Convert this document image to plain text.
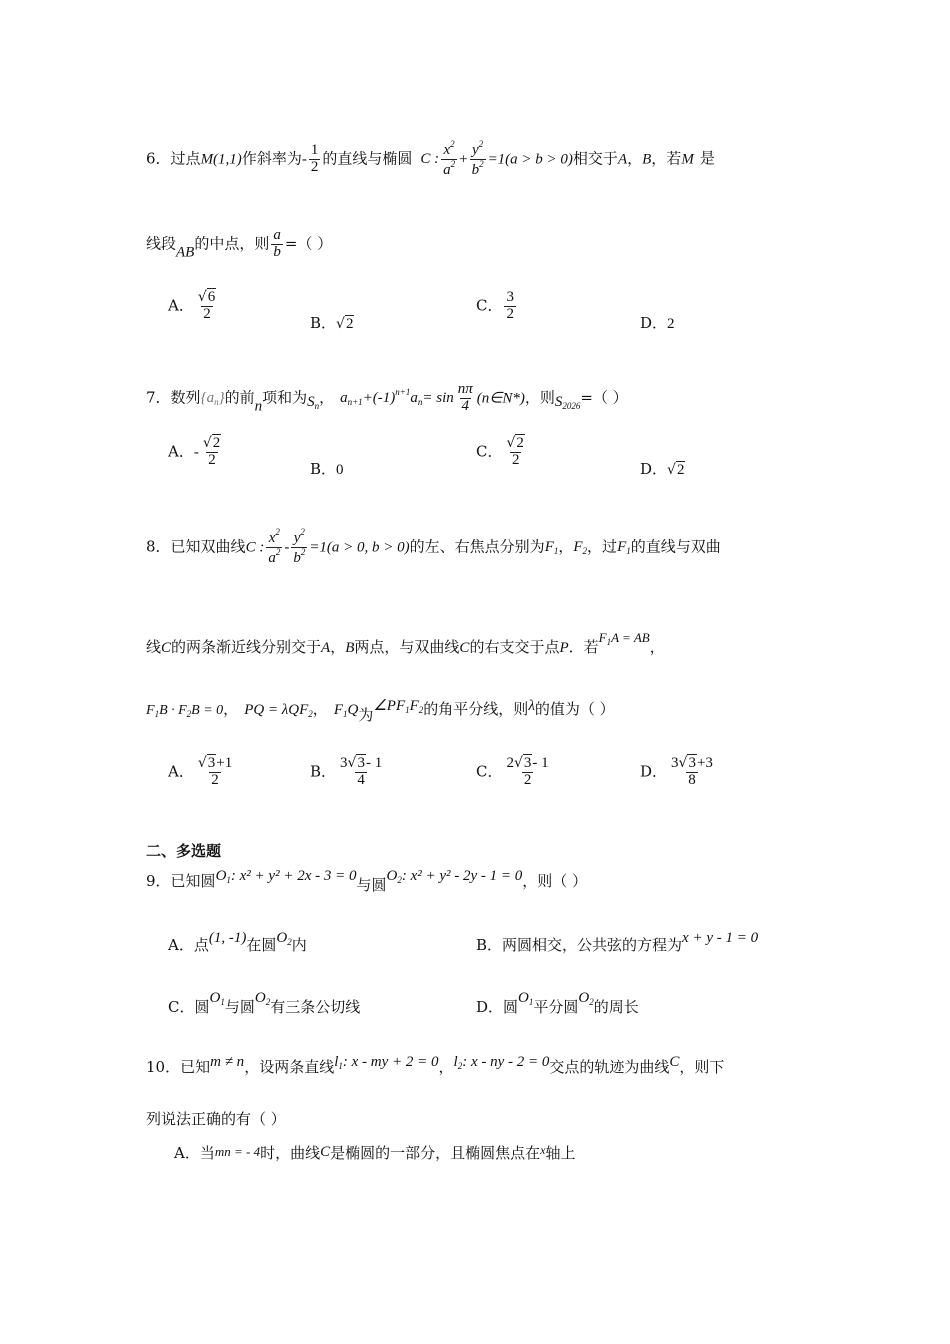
6．过点M(1,1)作斜率为- $\frac{1}{2}$ 的直线与椭圆 C : $\frac{x^2}{a^2} + \frac{y^2}{b^2} =1(a > b > 0)$相交于A，B，若M 是
线段AB的中点，则 $\frac{a}{b}$ =（ ）
A． $\frac{√6}{2}$
B．√2
C． $\frac{3}{2}$
D．2
7．数列$\{a_n\}$的前n项和为$S_n$， $a_{n+1}+(-1)^{n+1}a_n= \sin \frac{n\pi}{4}$ (n∈N*)，则$S_{2026}=$（ ）
A．- $\frac{√2}{2}$
B．0
C． $\frac{√2}{2}$
D．√2
8．已知双曲线C : $\frac{x^2}{a^2} - \frac{y^2}{b^2} =1(a > 0$, b > 0)的左、右焦点分别为$F_1$，$F_2$，过$F_1$的直线与双曲
线C的两条渐近线分别交于A，B两点，与双曲线C的右支交于点P．若$F_1A$ = AB，
$F_1B \cdot F_2B = 0$， PQ = λQF$_2$， $F_1Q$为$\angle PF_1F_2$的角平分线，则λ的值为（ ）
A． $\frac{√3+1}{2}$	B． $\frac{3√3- 1}{4}$	C． $\frac{2√3- 1}{2}$	D． $\frac{3√3+3}{8}$
二、多选题
9．已知圆$O_1$: x² + y² + 2x - 3 = 0与圆$O_2$: x² + y² - 2y - 1 = 0，则（ ）
A．点(1, -1)在圆$O_2$内	B．两圆相交，公共弦的方程为x + y - 1 = 0
C．圆$O_1$与圆$O_2$有三条公切线	D．圆$O_1$平分圆$O_2$的周长
10．已知m ≠ n，设两条直线$l_1$: x - my + 2 = 0，$l_2$: x - ny - 2 = 0交点的轨迹为曲线C，则下
列说法正确的有（ ）
A．当mn = - 4时，曲线C是椭圆的一部分，且椭圆焦点在$^x$轴上
